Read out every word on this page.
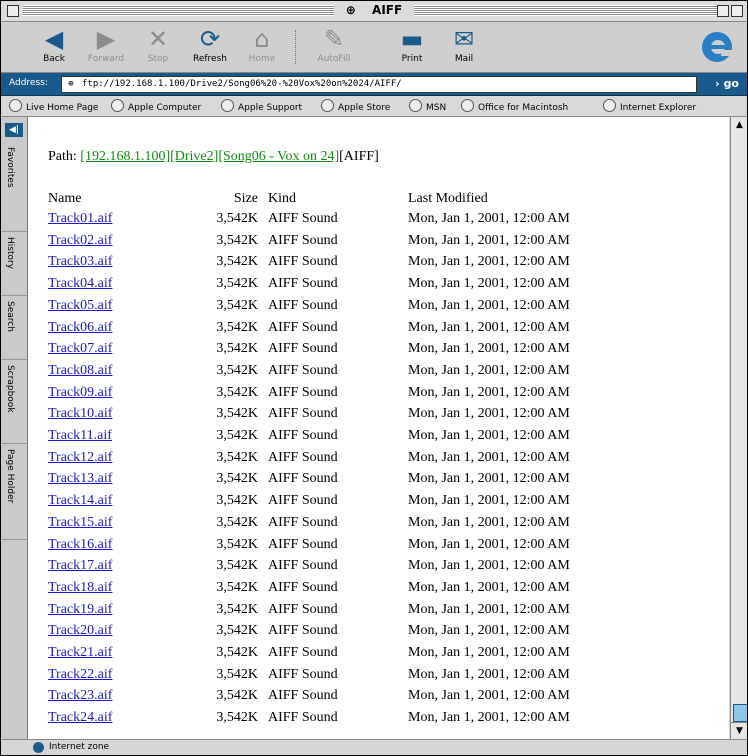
⊕ AIFF
◀
Back
▶
Forward
✕
Stop
⟳
Refresh
⌂
Home
✎
AutoFill
▬
Print
✉
Mail
Address:	⊕ ftp://192.168.1.100/Drive2/Song06%20-%20Vox%20on%2024/AIFF/	› go
Live Home Page	Apple Computer	Apple Support	Apple Store	MSN	Office for Macintosh	Internet Explorer
◀|
Favorites
History
Search
Scrapbook
Page Holder
Path: [192.168.1.100][Drive2][Song06 - Vox on 24][AIFF]
Name	Size Kind	Last Modified
Track01.aif	3,542K AIFF Sound	Mon, Jan 1, 2001, 12:00 AM
Track02.aif	3,542K AIFF Sound	Mon, Jan 1, 2001, 12:00 AM
Track03.aif	3,542K AIFF Sound	Mon, Jan 1, 2001, 12:00 AM
Track04.aif	3,542K AIFF Sound	Mon, Jan 1, 2001, 12:00 AM
Track05.aif	3,542K AIFF Sound	Mon, Jan 1, 2001, 12:00 AM
Track06.aif	3,542K AIFF Sound	Mon, Jan 1, 2001, 12:00 AM
Track07.aif	3,542K AIFF Sound	Mon, Jan 1, 2001, 12:00 AM
Track08.aif	3,542K AIFF Sound	Mon, Jan 1, 2001, 12:00 AM
Track09.aif	3,542K AIFF Sound	Mon, Jan 1, 2001, 12:00 AM
Track10.aif	3,542K AIFF Sound	Mon, Jan 1, 2001, 12:00 AM
Track11.aif	3,542K AIFF Sound	Mon, Jan 1, 2001, 12:00 AM
Track12.aif	3,542K AIFF Sound	Mon, Jan 1, 2001, 12:00 AM
Track13.aif	3,542K AIFF Sound	Mon, Jan 1, 2001, 12:00 AM
Track14.aif	3,542K AIFF Sound	Mon, Jan 1, 2001, 12:00 AM
Track15.aif	3,542K AIFF Sound	Mon, Jan 1, 2001, 12:00 AM
Track16.aif	3,542K AIFF Sound	Mon, Jan 1, 2001, 12:00 AM
Track17.aif	3,542K AIFF Sound	Mon, Jan 1, 2001, 12:00 AM
Track18.aif	3,542K AIFF Sound	Mon, Jan 1, 2001, 12:00 AM
Track19.aif	3,542K AIFF Sound	Mon, Jan 1, 2001, 12:00 AM
Track20.aif	3,542K AIFF Sound	Mon, Jan 1, 2001, 12:00 AM
Track21.aif	3,542K AIFF Sound	Mon, Jan 1, 2001, 12:00 AM
Track22.aif	3,542K AIFF Sound	Mon, Jan 1, 2001, 12:00 AM
Track23.aif	3,542K AIFF Sound	Mon, Jan 1, 2001, 12:00 AM
Track24.aif	3,542K AIFF Sound	Mon, Jan 1, 2001, 12:00 AM
▲
▼
Internet zone
